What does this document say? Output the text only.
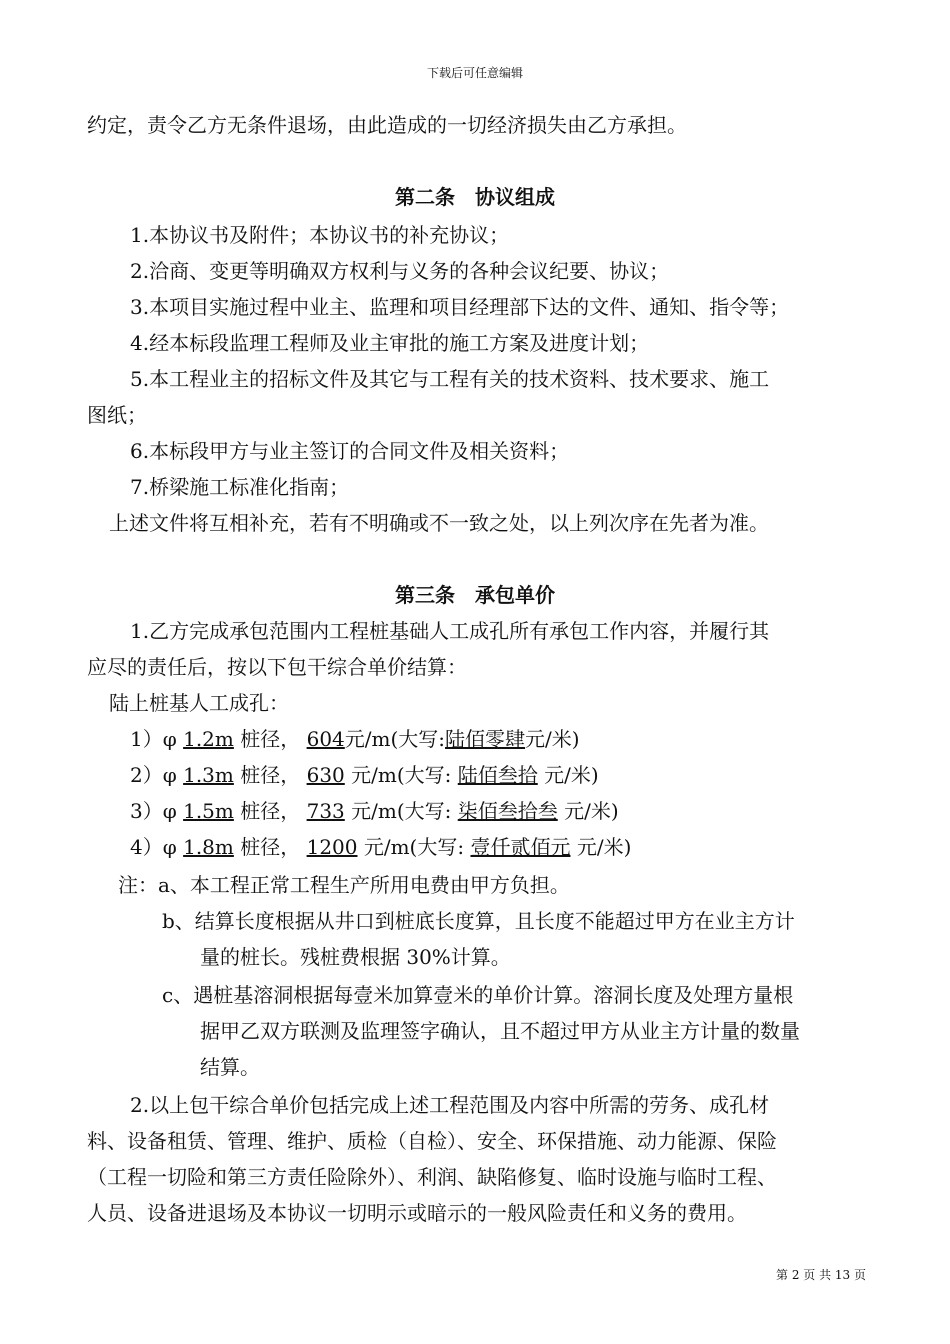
下载后可任意编辑
约定，责令乙方无条件退场，由此造成的一切经济损失由乙方承担。
第二条　协议组成
1.本协议书及附件；本协议书的补充协议；
2.洽商、变更等明确双方权利与义务的各种会议纪要、协议；
3.本项目实施过程中业主、监理和项目经理部下达的文件、通知、指令等；
4.经本标段监理工程师及业主审批的施工方案及进度计划；
5.本工程业主的招标文件及其它与工程有关的技术资料、技术要求、施工
图纸；
6.本标段甲方与业主签订的合同文件及相关资料；
7.桥梁施工标准化指南；
上述文件将互相补充，若有不明确或不一致之处，以上列次序在先者为准。
第三条　承包单价
1.乙方完成承包范围内工程桩基础人工成孔所有承包工作内容，并履行其
应尽的责任后，按以下包干综合单价结算：
陆上桩基人工成孔：
1）φ 1.2m 桩径， 604元/m(大写:陆佰零肆元/米)
2）φ 1.3m 桩径， 630 元/m(大写: 陆佰叁拾 元/米)
3）φ 1.5m 桩径， 733 元/m(大写: 柒佰叁拾叁 元/米)
4）φ 1.8m 桩径， 1200 元/m(大写: 壹仟贰佰元 元/米)
注：a、本工程正常工程生产所用电费由甲方负担。
b、结算长度根据从井口到桩底长度算，且长度不能超过甲方在业主方计
量的桩长。残桩费根据 30%计算。
c、遇桩基溶洞根据每壹米加算壹米的单价计算。溶洞长度及处理方量根
据甲乙双方联测及监理签字确认，且不超过甲方从业主方计量的数量
结算。
2.以上包干综合单价包括完成上述工程范围及内容中所需的劳务、成孔材
料、设备租赁、管理、维护、质检（自检）、安全、环保措施、动力能源、保险
（工程一切险和第三方责任险除外）、利润、缺陷修复、临时设施与临时工程、
人员、设备进退场及本协议一切明示或暗示的一般风险责任和义务的费用。
第 2 页 共 13 页
